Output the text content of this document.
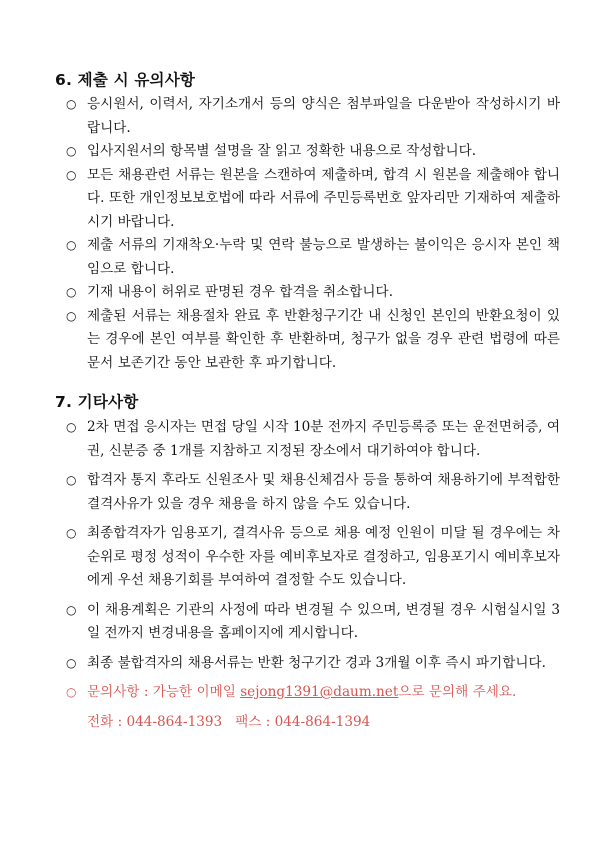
6. 제출 시 유의사항
○ 응시원서, 이력서, 자기소개서 등의 양식은 첨부파일을 다운받아 작성하시기 바랍니다.
○ 입사지원서의 항목별 설명을 잘 읽고 정확한 내용으로 작성합니다.
○ 모든 채용관련 서류는 원본을 스캔하여 제출하며, 합격 시 원본을 제출해야 합니다. 또한 개인정보보호법에 따라 서류에 주민등록번호 앞자리만 기재하여 제출하시기 바랍니다.
○ 제출 서류의 기재착오·누락 및 연락 불능으로 발생하는 불이익은 응시자 본인 책임으로 합니다.
○ 기재 내용이 허위로 판명된 경우 합격을 취소합니다.
○ 제출된 서류는 채용절차 완료 후 반환청구기간 내 신청인 본인의 반환요청이 있는 경우에 본인 여부를 확인한 후 반환하며, 청구가 없을 경우 관련 법령에 따른 문서 보존기간 동안 보관한 후 파기합니다.
7. 기타사항
○ 2차 면접 응시자는 면접 당일 시작 10분 전까지 주민등록증 또는 운전면허증, 여권, 신분증 중 1개를 지참하고 지정된 장소에서 대기하여야 합니다.
○ 합격자 통지 후라도 신원조사 및 채용신체검사 등을 통하여 채용하기에 부적합한 결격사유가 있을 경우 채용을 하지 않을 수도 있습니다.
○ 최종합격자가 임용포기, 결격사유 등으로 채용 예정 인원이 미달 될 경우에는 차순위로 평정 성적이 우수한 자를 예비후보자로 결정하고, 임용포기시 예비후보자에게 우선 채용기회를 부여하여 결정할 수도 있습니다.
○ 이 채용계획은 기관의 사정에 따라 변경될 수 있으며, 변경될 경우 시험실시일 3일 전까지 변경내용을 홈페이지에 게시합니다.
○ 최종 불합격자의 채용서류는 반환 청구기간 경과 3개월 이후 즉시 파기합니다.
○ 문의사항 : 가능한 이메일 sejong1391@daum.net으로 문의해 주세요.
전화 : 044-864-1393   팩스 : 044-864-1394
